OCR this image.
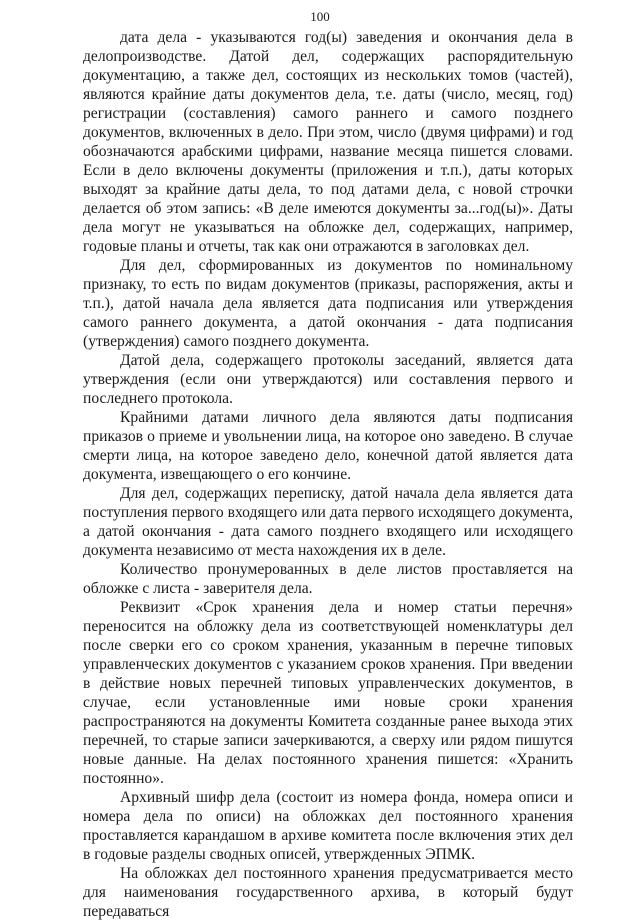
100

дата дела - указываются год(ы) заведения и окончания дела в делопроизводстве. Датой дел, содержащих распорядительную документацию, а также дел, состоящих из нескольких томов (частей), являются крайние даты документов дела, т.е. даты (число, месяц, год) регистрации (составления) самого раннего и самого позднего документов, включенных в дело. При этом, число (двумя цифрами) и год обозначаются арабскими цифрами, название месяца пишется словами. Если в дело включены документы (приложения и т.п.), даты которых выходят за крайние даты дела, то под датами дела, с новой строчки делается об этом запись: «В деле имеются документы за...год(ы)». Даты дела могут не указываться на обложке дел, содержащих, например, годовые планы и отчеты, так как они отражаются в заголовках дел.

Для дел, сформированных из документов по номинальному признаку, то есть по видам документов (приказы, распоряжения, акты и т.п.), датой начала дела является дата подписания или утверждения самого раннего документа, а датой окончания - дата подписания (утверждения) самого позднего документа.

Датой дела, содержащего протоколы заседаний, является дата утверждения (если они утверждаются) или составления первого и последнего протокола.

Крайними датами личного дела являются даты подписания приказов о приеме и увольнении лица, на которое оно заведено. В случае смерти лица, на которое заведено дело, конечной датой является дата документа, извещающего о его кончине.

Для дел, содержащих переписку, датой начала дела является дата поступления первого входящего или дата первого исходящего документа, а датой окончания - дата самого позднего входящего или исходящего документа независимо от места нахождения их в деле.

Количество пронумерованных в деле листов проставляется на обложке с листа - заверителя дела.

Реквизит «Срок хранения дела и номер статьи перечня» переносится на обложку дела из соответствующей номенклатуры дел после сверки его со сроком хранения, указанным в перечне типовых управленческих документов с указанием сроков хранения. При введении в действие новых перечней типовых управленческих документов, в случае, если установленные ими новые сроки хранения распространяются на документы Комитета созданные ранее выхода этих перечней, то старые записи зачеркиваются, а сверху или рядом пишутся новые данные. На делах постоянного хранения пишется: «Хранить постоянно».

Архивный шифр дела (состоит из номера фонда, номера описи и номера дела по описи) на обложках дел постоянного хранения проставляется карандашом в архиве комитета после включения этих дел в годовые разделы сводных описей, утвержденных ЭПМК.

На обложках дел постоянного хранения предусматривается место для наименования государственного архива, в который будут передаваться
